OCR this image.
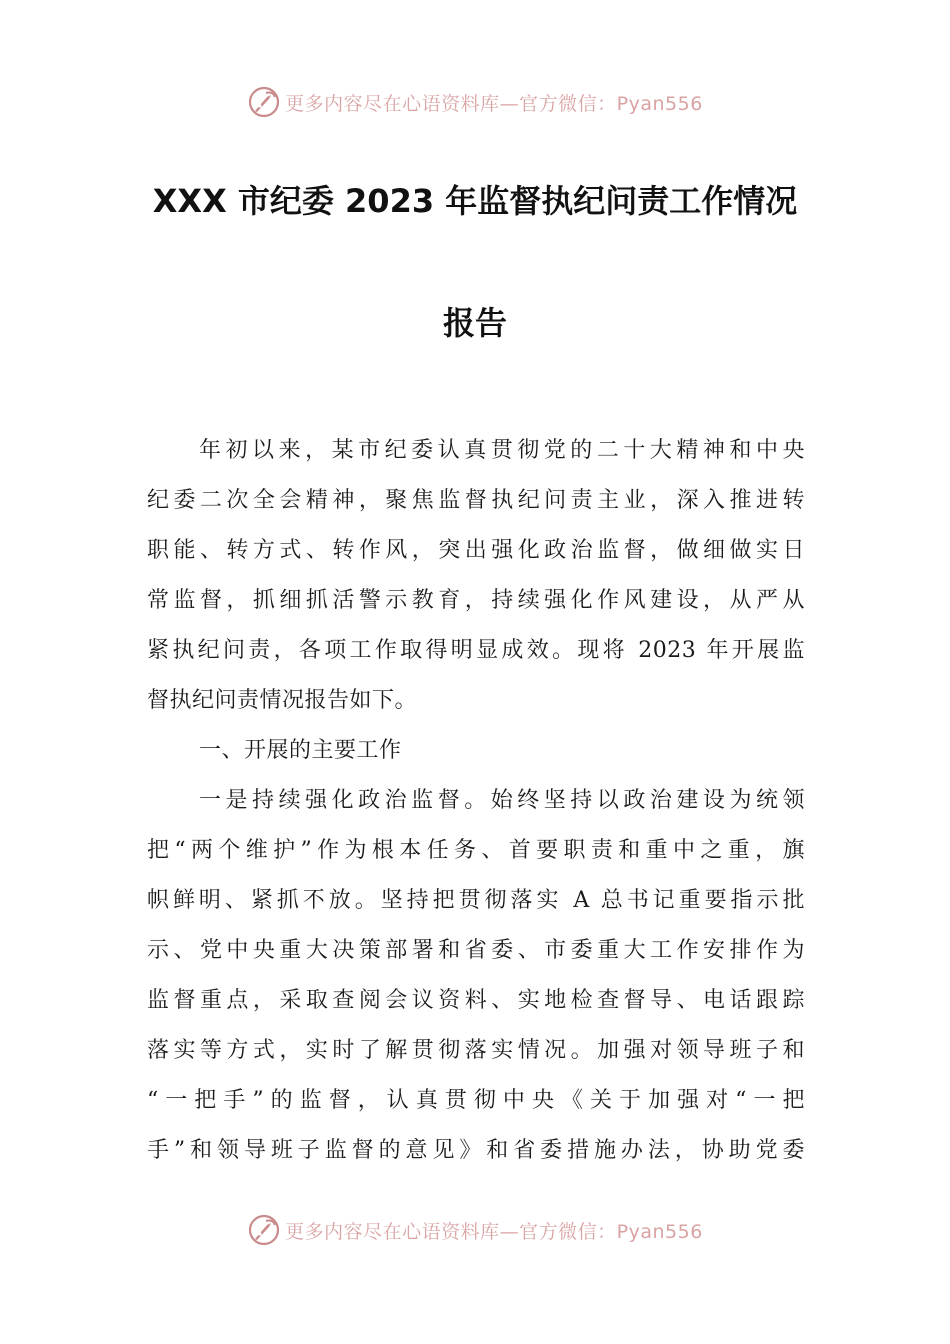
更多内容尽在心语资料库—官方微信：Pyan556
XXX 市纪委 2023 年监督执纪问责工作情况
报告
年初以来，某市纪委认真贯彻党的二十大精神和中央
纪委二次全会精神，聚焦监督执纪问责主业，深入推进转
职能、转方式、转作风，突出强化政治监督，做细做实日
常监督，抓细抓活警示教育，持续强化作风建设，从严从
紧执纪问责，各项工作取得明显成效。现将 2023 年开展监
督执纪问责情况报告如下。
一、开展的主要工作
一是持续强化政治监督。始终坚持以政治建设为统领
把“两个维护”作为根本任务、首要职责和重中之重，旗
帜鲜明、紧抓不放。坚持把贯彻落实 A 总书记重要指示批
示、党中央重大决策部署和省委、市委重大工作安排作为
监督重点，采取查阅会议资料、实地检查督导、电话跟踪
落实等方式，实时了解贯彻落实情况。加强对领导班子和
“一把手”的监督，认真贯彻中央《关于加强对“一把
手”和领导班子监督的意见》和省委措施办法，协助党委
更多内容尽在心语资料库—官方微信：Pyan556
